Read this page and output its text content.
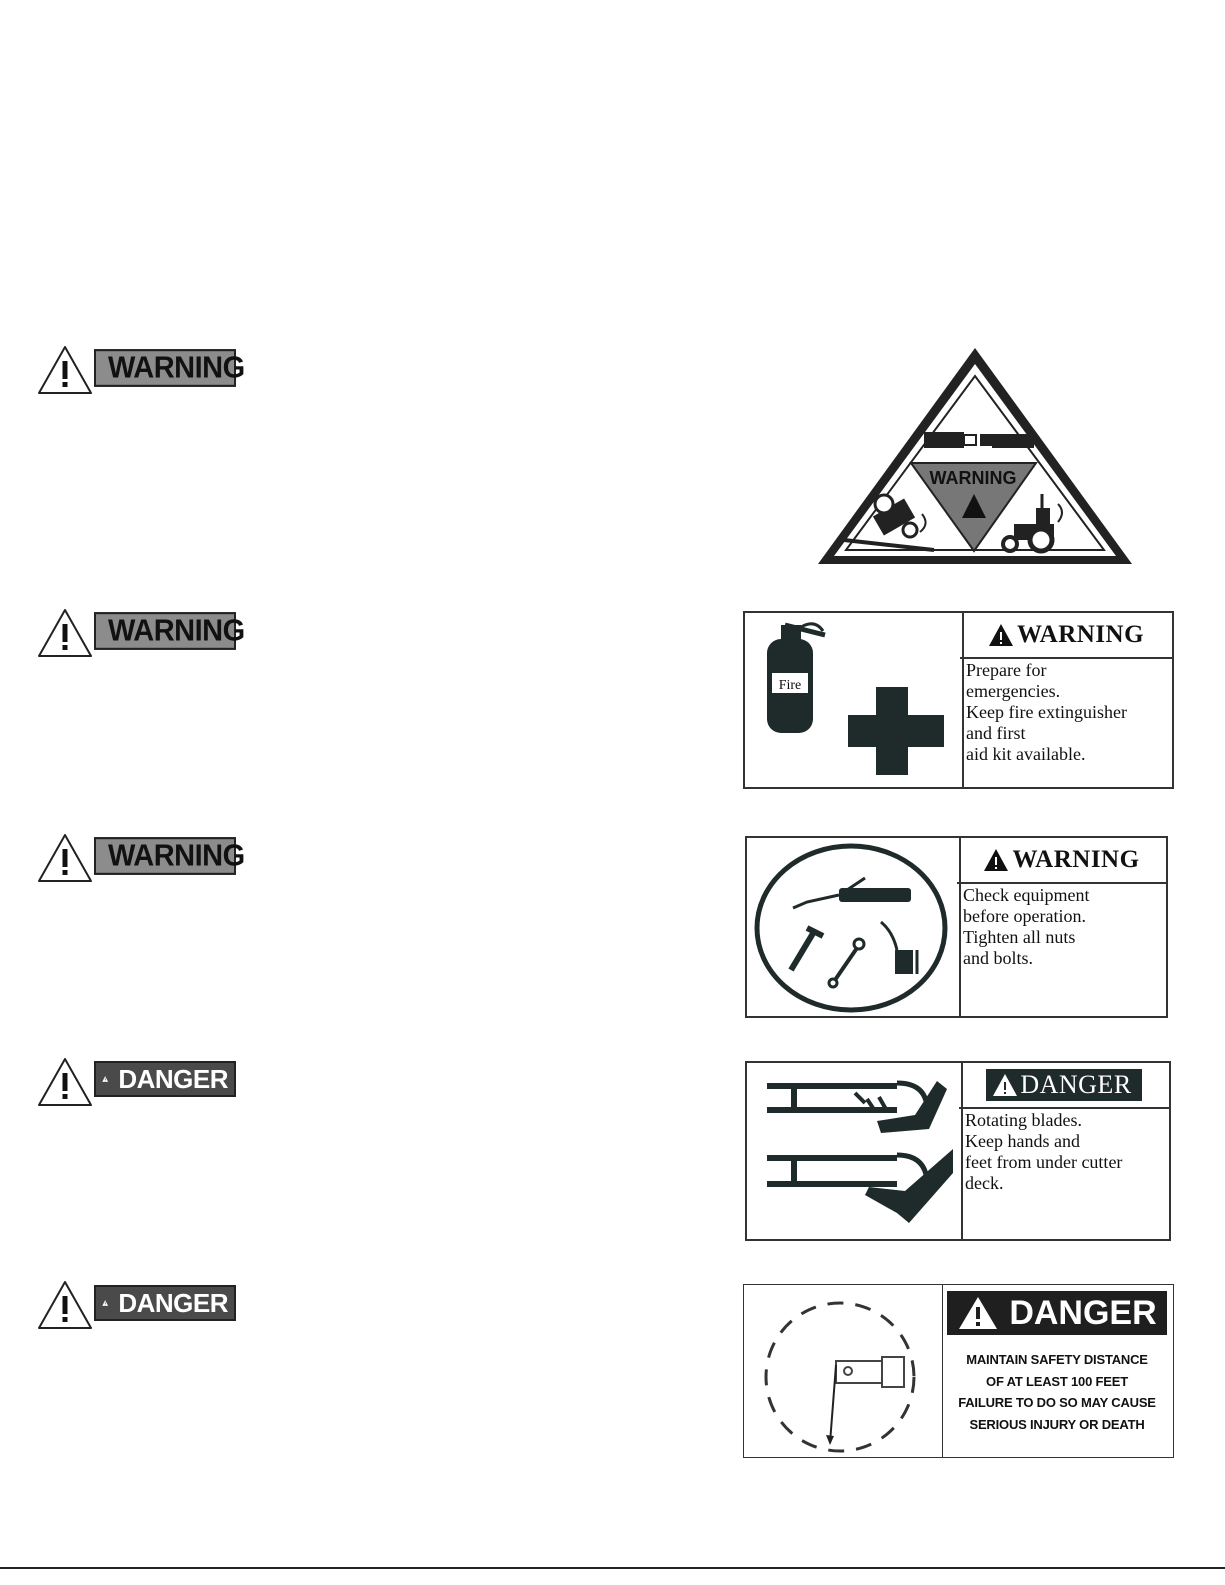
WARNING
WARNING
WARNING
Fire
WARNING
Prepare for
emergencies.
Keep fire extinguisher
and first
aid kit available.
WARNING	WARNING
Check equipment
before operation.
Tighten all nuts
and bolts.
DANGER	DANGER
Rotating blades.
Keep hands and
feet from under cutter
deck.
DANGER	DANGER
MAINTAIN SAFETY DISTANCE
OF AT LEAST 100 FEET
FAILURE TO DO SO MAY CAUSE
SERIOUS INJURY OR DEATH
